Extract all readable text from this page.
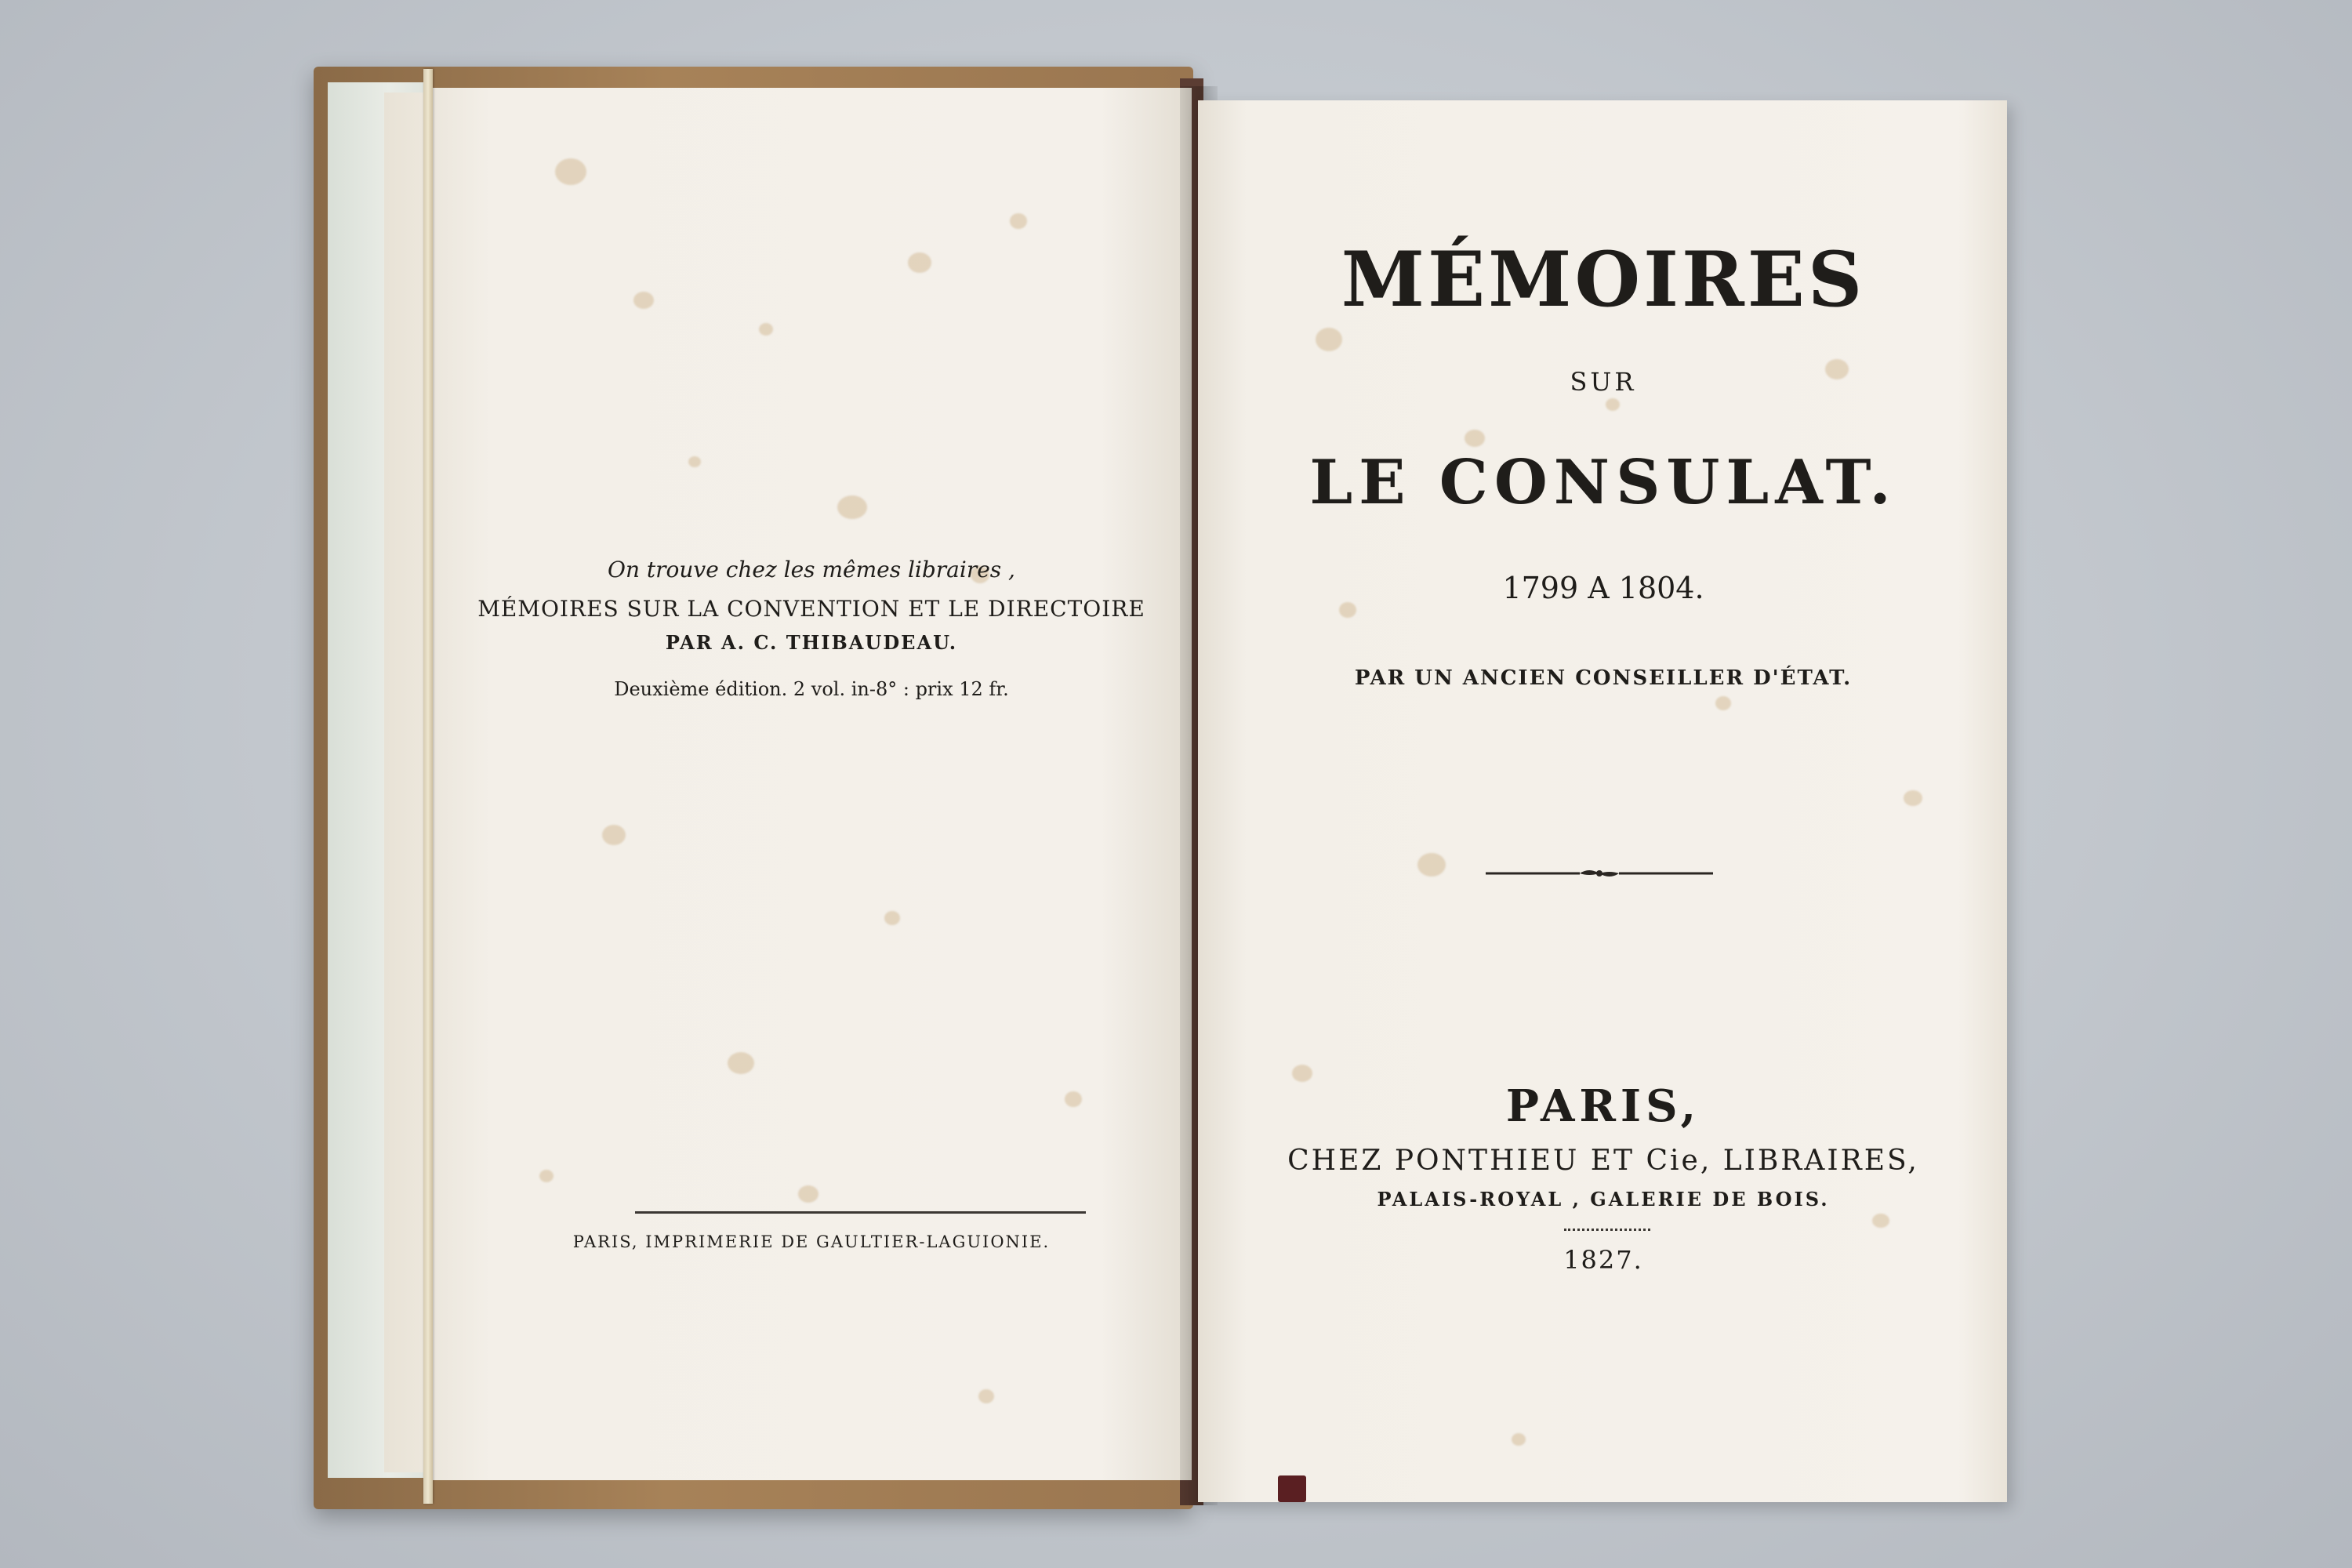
On trouve chez les mêmes libraires ,
MÉMOIRES SUR LA CONVENTION ET LE DIRECTOIRE
PAR A. C. THIBAUDEAU.
Deuxième édition. 2 vol. in-8° : prix 12 fr.
PARIS, IMPRIMERIE DE GAULTIER-LAGUIONIE.
MÉMOIRES
SUR
LE CONSULAT.
1799 A 1804.
PAR UN ANCIEN CONSEILLER D'ÉTAT.
PARIS,
CHEZ PONTHIEU ET Cie, LIBRAIRES,
PALAIS-ROYAL , GALERIE DE BOIS.
1827.
